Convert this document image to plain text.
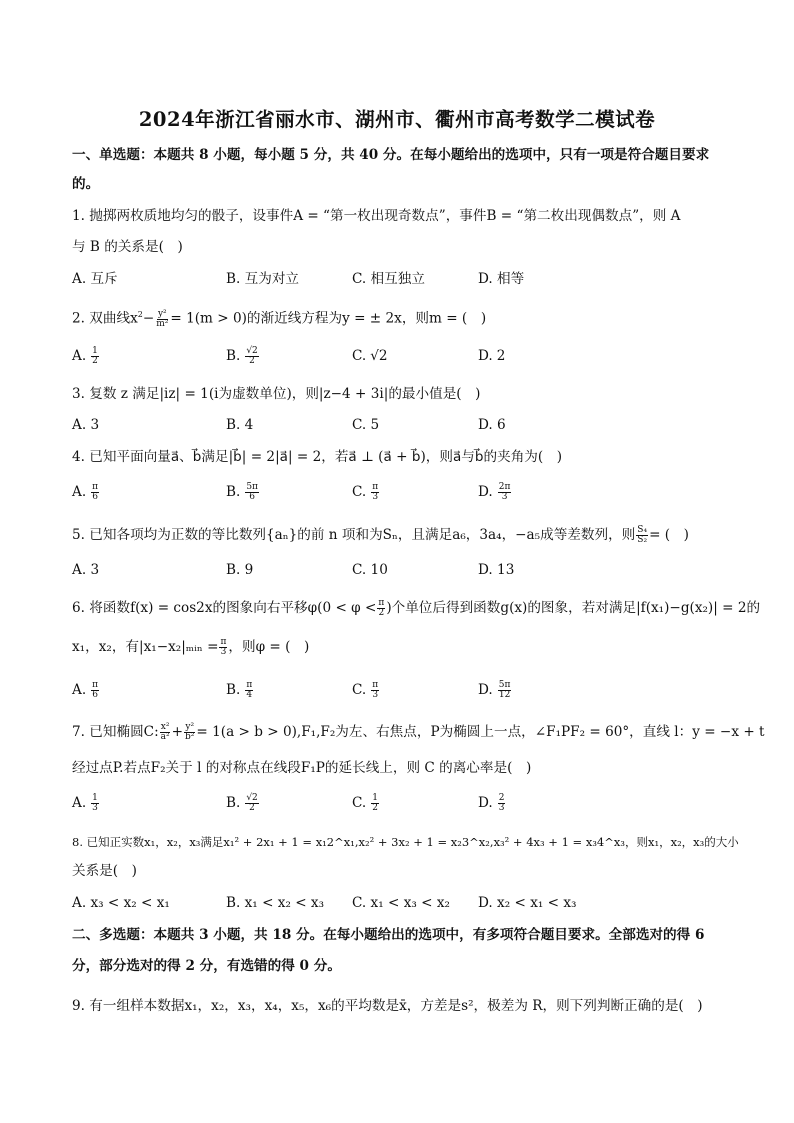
2024年浙江省丽水市、湖州市、衢州市高考数学二模试卷
一、单选题：本题共 8 小题，每小题 5 分，共 40 分。在每小题给出的选项中，只有一项是符合题目要求
的。
1. 抛掷两枚质地均匀的骰子，设事件A = “第一枚出现奇数点”，事件B = “第二枚出现偶数点”，则 A
与 B 的关系是(　)
A. 互斥	B. 互为对立	C. 相互独立	D. 相等
2. 双曲线$x^2- \frac{\text{y²}}{\text{m²}} = 1(m > 0)$的渐近线方程为y = ± 2x，则m = (　)
A. $\frac{1}{2}$	B. $\frac{√2}{2}$	C. √2	D. 2
3. 复数 z 满足|iz| = 1(i为虚数单位)，则|z−4 + 3i|的最小值是(　)
A. 3	B. 4	C. 5	D. 6
4. 已知平面向量a⃗、b⃗满足|b⃗| = 2|a⃗| = 2，若a⃗ ⊥ (a⃗ + b⃗)，则a⃗与b⃗的夹角为(　)
A. $\frac{\pi}{6}$	B. $\frac{5\pi}{6}$	C. $\frac{\pi}{3}$	D. $\frac{2\pi}{3}$
5. 已知各项均为正数的等比数列{aₙ}的前 n 项和为Sₙ，且满足a₆，3a₄，−a₅成等差数列，则 $\frac{\text{S₄}}{\text{S₂}}$ = (　)
A. 3	B. 9	C. 10	D. 13
6. 将函数f(x) = cos2x的图象向右平移$\varphi(0 < \varphi < \frac{\pi}{2}$ )个单位后得到函数g(x)的图象，若对满足|f(x₁)−g(x₂)| = 2的
x₁，x₂，有|x₁−x₂|ₘᵢₙ = $\frac{\pi}{3}$ ，则φ = (　)
A. $\frac{\pi}{6}$	B. $\frac{\pi}{4}$	C. $\frac{\pi}{3}$	D. $\frac{5\pi}{12}$
7. 已知椭圆C: $\frac{\text{x²}}{\text{a²}} + \frac{\text{y²}}{\text{b²}} = 1(a > b > 0),F_1,F_2$为左、右焦点，P为椭圆上一点，∠F₁PF₂ = 60°，直线 l：y = −x + t
经过点P.若点F₂关于 l 的对称点在线段F₁P的延长线上，则 C 的离心率是(　)
A. $\frac{1}{3}$	B. $\frac{√2}{2}$	C. $\frac{1}{2}$	D. $\frac{2}{3}$
8. 已知正实数x₁，x₂，x₃满足x₁² + 2x₁ + 1 = x₁2^x₁,x₂² + 3x₂ + 1 = x₂3^x₂,x₃² + 4x₃ + 1 = x₃4^x₃，则x₁，x₂，x₃的大小
关系是(　)
A. x₃ < x₂ < x₁	B. x₁ < x₂ < x₃ C. x₁ < x₃ < x₂ D. x₂ < x₁ < x₃
二、多选题：本题共 3 小题，共 18 分。在每小题给出的选项中，有多项符合题目要求。全部选对的得 6
分，部分选对的得 2 分，有选错的得 0 分。
9. 有一组样本数据x₁，x₂，x₃，x₄，x₅，x₆的平均数是x̄，方差是s²，极差为 R，则下列判断正确的是(　)
